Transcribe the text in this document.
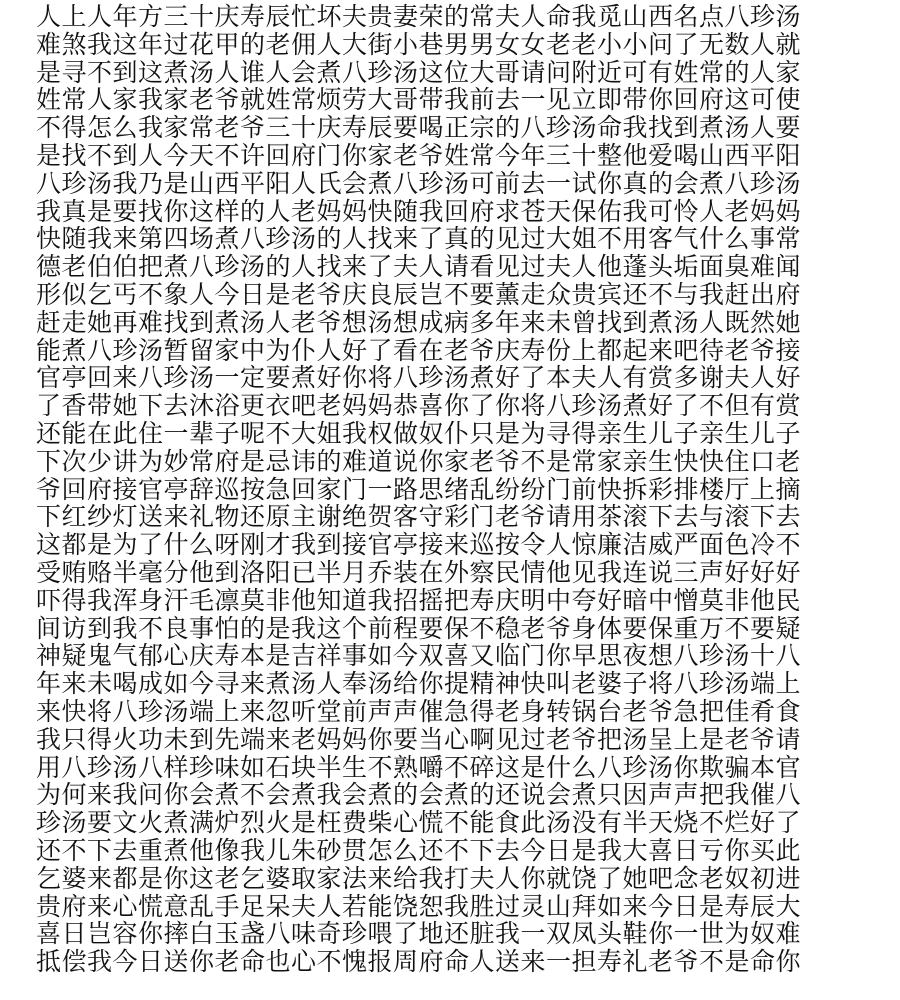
人上人年方三十庆寿辰忙坏夫贵妻荣的常夫人命我觅山西名点八珍汤
难煞我这年过花甲的老佣人大街小巷男男女女老老小小问了无数人就
是寻不到这煮汤人谁人会煮八珍汤这位大哥请问附近可有姓常的人家
姓常人家我家老爷就姓常烦劳大哥带我前去一见立即带你回府这可使
不得怎么我家常老爷三十庆寿辰要喝正宗的八珍汤命我找到煮汤人要
是找不到人今天不许回府门你家老爷姓常今年三十整他爱喝山西平阳
八珍汤我乃是山西平阳人氏会煮八珍汤可前去一试你真的会煮八珍汤
我真是要找你这样的人老妈妈快随我回府求苍天保佑我可怜人老妈妈
快随我来第四场煮八珍汤的人找来了真的见过大姐不用客气什么事常
德老伯伯把煮八珍汤的人找来了夫人请看见过夫人他蓬头垢面臭难闻
形似乞丐不象人今日是老爷庆良辰岂不要薰走众贵宾还不与我赶出府
赶走她再难找到煮汤人老爷想汤想成病多年来未曾找到煮汤人既然她
能煮八珍汤暂留家中为仆人好了看在老爷庆寿份上都起来吧待老爷接
官亭回来八珍汤一定要煮好你将八珍汤煮好了本夫人有赏多谢夫人好
了香带她下去沐浴更衣吧老妈妈恭喜你了你将八珍汤煮好了不但有赏
还能在此住一辈子呢不大姐我权做奴仆只是为寻得亲生儿子亲生儿子
下次少讲为妙常府是忌讳的难道说你家老爷不是常家亲生快快住口老
爷回府接官亭辞巡按急回家门一路思绪乱纷纷门前快拆彩排楼厅上摘
下红纱灯送来礼物还原主谢绝贺客守彩门老爷请用茶滚下去与滚下去
这都是为了什么呀刚才我到接官亭接来巡按令人惊廉洁威严面色冷不
受贿赂半毫分他到洛阳已半月乔装在外察民情他见我连说三声好好好
吓得我浑身汗毛凛莫非他知道我招摇把寿庆明中夸好暗中憎莫非他民
间访到我不良事怕的是我这个前程要保不稳老爷身体要保重万不要疑
神疑鬼气郁心庆寿本是吉祥事如今双喜又临门你早思夜想八珍汤十八
年来未喝成如今寻来煮汤人奉汤给你提精神快叫老婆子将八珍汤端上
来快将八珍汤端上来忽听堂前声声催急得老身转锅台老爷急把佳肴食
我只得火功未到先端来老妈妈你要当心啊见过老爷把汤呈上是老爷请
用八珍汤八样珍味如石块半生不熟嚼不碎这是什么八珍汤你欺骗本官
为何来我问你会煮不会煮我会煮的会煮的还说会煮只因声声把我催八
珍汤要文火煮满炉烈火是枉费柴心慌不能食此汤没有半天烧不烂好了
还不下去重煮他像我儿朱砂贯怎么还不下去今日是我大喜日亏你买此
乞婆来都是你这老乞婆取家法来给我打夫人你就饶了她吧念老奴初进
贵府来心慌意乱手足呆夫人若能饶恕我胜过灵山拜如来今日是寿辰大
喜日岂容你摔白玉盏八味奇珍喂了地还脏我一双凤头鞋你一世为奴难
抵偿我今日送你老命也心不愧报周府命人送来一担寿礼老爷不是命你
